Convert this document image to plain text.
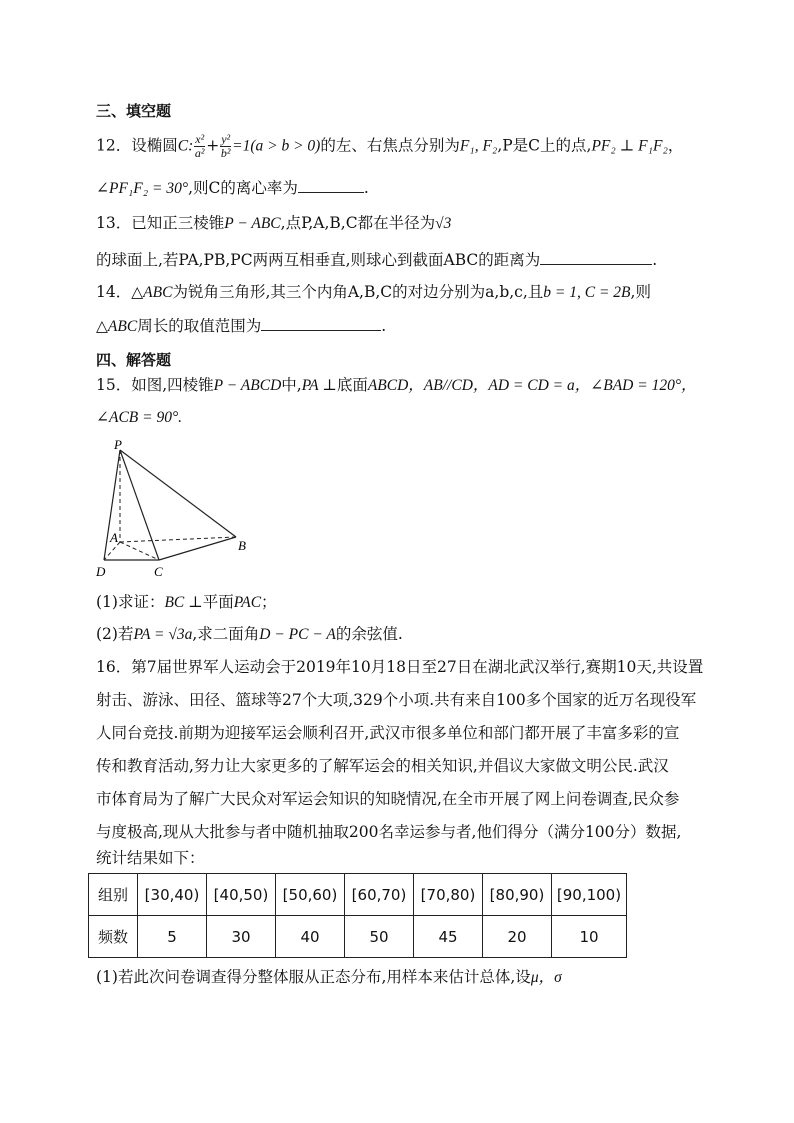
三、填空题
12．设椭圆C: $\frac{\text{x²}}{\text{a²}} + \frac{\text{y²}}{\text{b²}} =1(a > b > 0)$的左、右焦点分别为F₁, F₂,P是C上的点,PF₂ ⊥ F₁F₂，
∠PF₁F₂ = 30°,则C的离心率为	.
13．已知正三棱锥P − ABC,点P,A,B,C都在半径为√3
的球面上,若PA,PB,PC两两互相垂直,则球心到截面ABC的距离为	.
14．△ABC为锐角三角形,其三个内角A,B,C的对边分别为a,b,c,且b = 1, C = 2B,则
△ABC周长的取值范围为	.
四、解答题
15．如图,四棱锥P − ABCD中,PA ⊥底面ABCD，AB//CD，AD = CD = a，∠BAD = 120°，
∠ACB = 90°.
P
A
B
C
D
(1)求证：BC ⊥平面PAC；
(2)若PA = √3a,求二面角D − PC − A的余弦值.
16．第7届世界军人运动会于2019年10月18日至27日在湖北武汉举行,赛期10天,共设置
射击、游泳、田径、篮球等27个大项,329个小项.共有来自100多个国家的近万名现役军
人同台竞技.前期为迎接军运会顺利召开,武汉市很多单位和部门都开展了丰富多彩的宣
传和教育活动,努力让大家更多的了解军运会的相关知识,并倡议大家做文明公民.武汉
市体育局为了解广大民众对军运会知识的知晓情况,在全市开展了网上问卷调查,民众参
与度极高,现从大批参与者中随机抽取200名幸运参与者,他们得分（满分100分）数据,
统计结果如下：
组别	[30,40)	[40,50)	[50,60)	[60,70)	[70,80)	[80,90)	[90,100)
频数	5	30	40	50	45	20	10
(1)若此次问卷调查得分整体服从正态分布,用样本来估计总体,设μ，σ
